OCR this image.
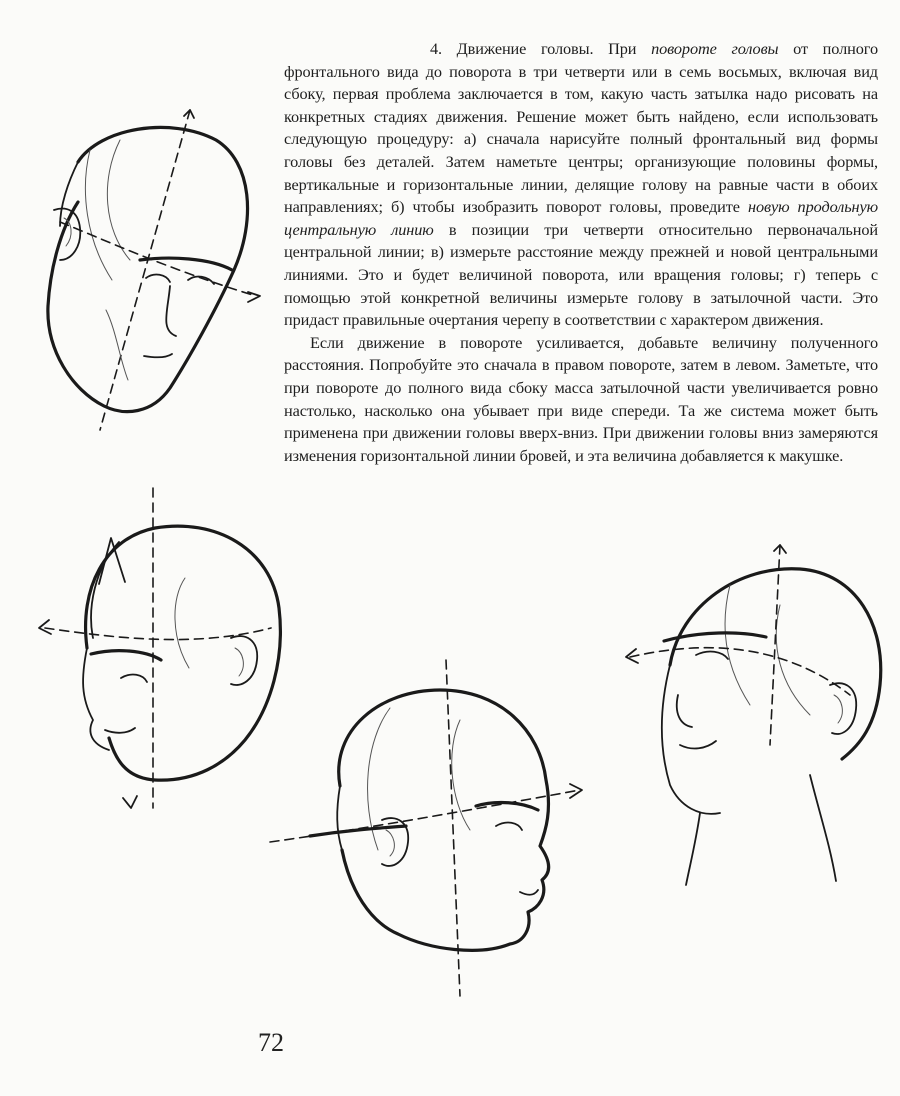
4. Движение головы. При повороте головы от полного фронтального вида до поворота в три четверти или в семь восьмых, включая вид сбоку, первая проблема заключается в том, какую часть затылка надо рисовать на конкретных стадиях движения. Решение может быть найдено, если использовать следующую процедуру: а) сначала нарисуйте полный фронтальный вид формы головы без деталей. Затем наметьте центры; организующие половины формы, вертикальные и горизонтальные линии, делящие голову на равные части в обоих направлениях; б) чтобы изобразить поворот головы, проведите новую продольную центральную линию в позиции три четверти относительно первоначальной центральной линии; в) измерьте расстояние между прежней и новой центральными линиями. Это и будет величиной поворота, или вращения головы; г) теперь с помощью этой конкретной величины измерьте голову в затылочной части. Это придаст правильные очертания черепу в соответствии с характером движения.

Если движение в повороте усиливается, добавьте величину полученного расстояния. Попробуйте это сначала в правом повороте, затем в левом. Заметьте, что при повороте до полного вида сбоку масса затылочной части увеличивается ровно настолько, насколько она убывает при виде спереди. Та же система может быть применена при движении головы вверх-вниз. При движении головы вниз замеряются изменения горизонтальной линии бровей, и эта величина добавляется к макушке.

72
